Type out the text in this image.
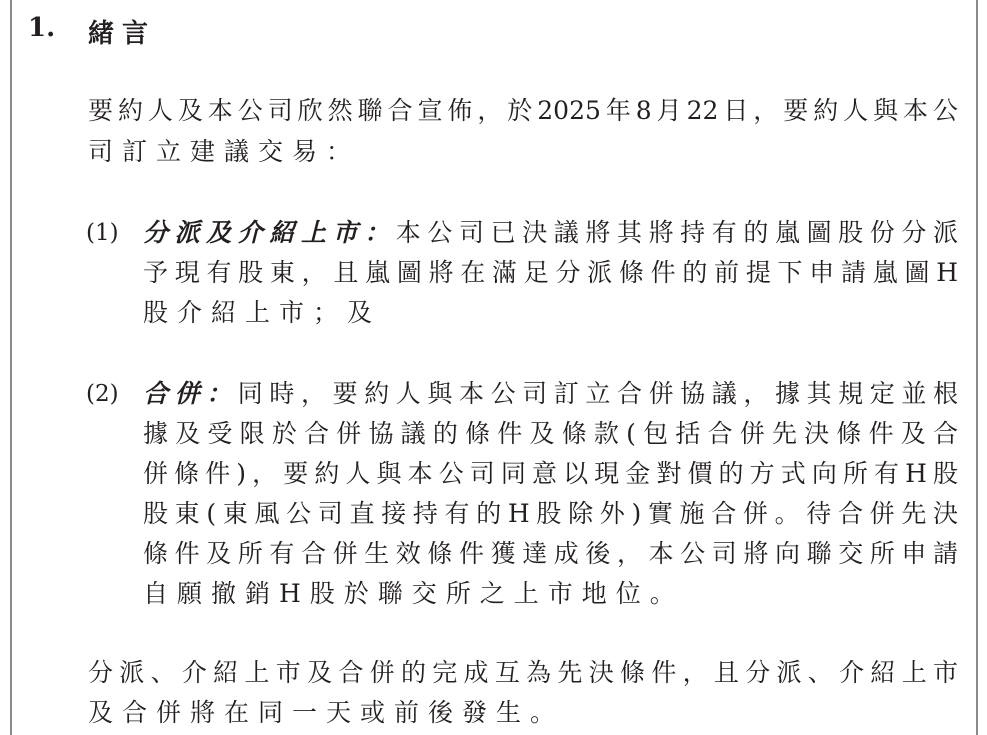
1. 緒言
要約人及本公司欣然聯合宣佈，於2025年8月22日，要約人與本公
司訂立建議交易：
(1) 分派及介紹上市：本公司已決議將其將持有的嵐圖股份分派
予現有股東，且嵐圖將在滿足分派條件的前提下申請嵐圖H
股介紹上市；及
(2) 合併：同時，要約人與本公司訂立合併協議，據其規定並根
據及受限於合併協議的條件及條款(包括合併先決條件及合
併條件)，要約人與本公司同意以現金對價的方式向所有H股
股東(東風公司直接持有的H股除外)實施合併。待合併先決
條件及所有合併生效條件獲達成後，本公司將向聯交所申請
自願撤銷H股於聯交所之上市地位。
分派、介紹上市及合併的完成互為先決條件，且分派、介紹上市
及合併將在同一天或前後發生。
